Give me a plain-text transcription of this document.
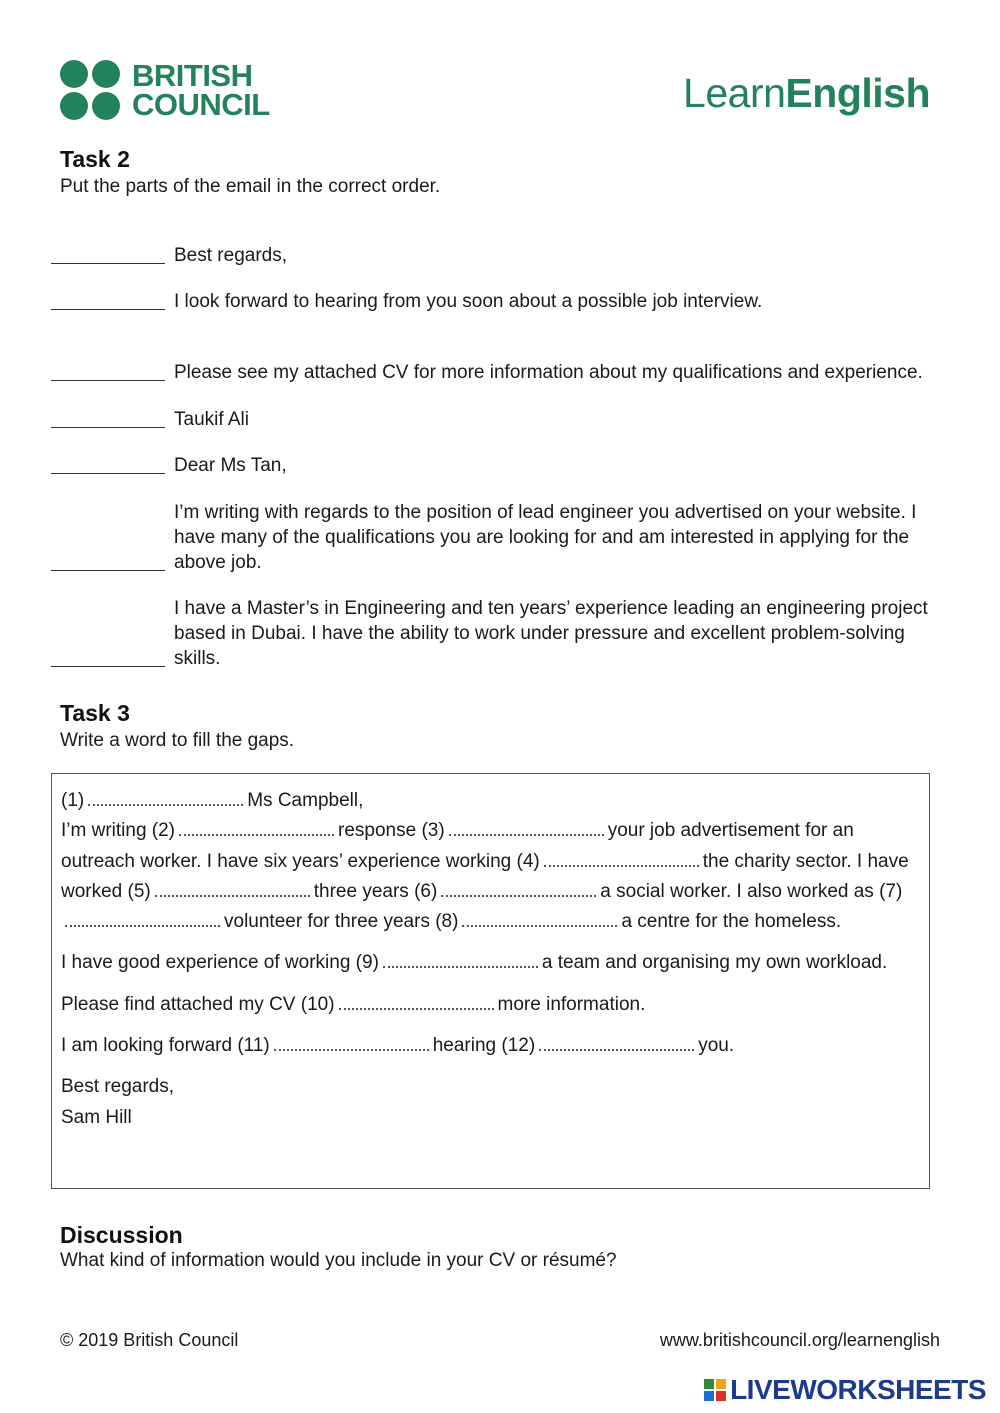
BRITISH
COUNCIL	LearnEnglish
Task 2
Put the parts of the email in the correct order.
Best regards,
I look forward to hearing from you soon about a possible job interview.
Please see my attached CV for more information about my qualifications and experience.
Taukif Ali
Dear Ms Tan,
I’m writing with regards to the position of lead engineer you advertised on your website. I have many of the qualifications you are looking for and am interested in applying for the above job.
I have a Master’s in Engineering and ten years’ experience leading an engineering project based in Dubai. I have the ability to work under pressure and excellent problem-solving skills.
Task 3
Write a word to fill the gaps.

(1)	Ms Campbell,

I’m writing (2)	response (3)	your job advertisement for an outreach worker. I have six years’ experience working (4)	the charity sector. I have worked (5)	three years (6)	a social worker. I also worked as (7)volunteer for three years (8)	a centre for the homeless.

I have good experience of working (9)	a team and organising my own workload.

Please find attached my CV (10)	more information.

I am looking forward (11)	hearing (12)	you.

Best regards,

Sam Hill

Discussion
What kind of information would you include in your CV or résumé?
© 2019 British Council	www.britishcouncil.org/learnenglish
LIVEWORKSHEETS
